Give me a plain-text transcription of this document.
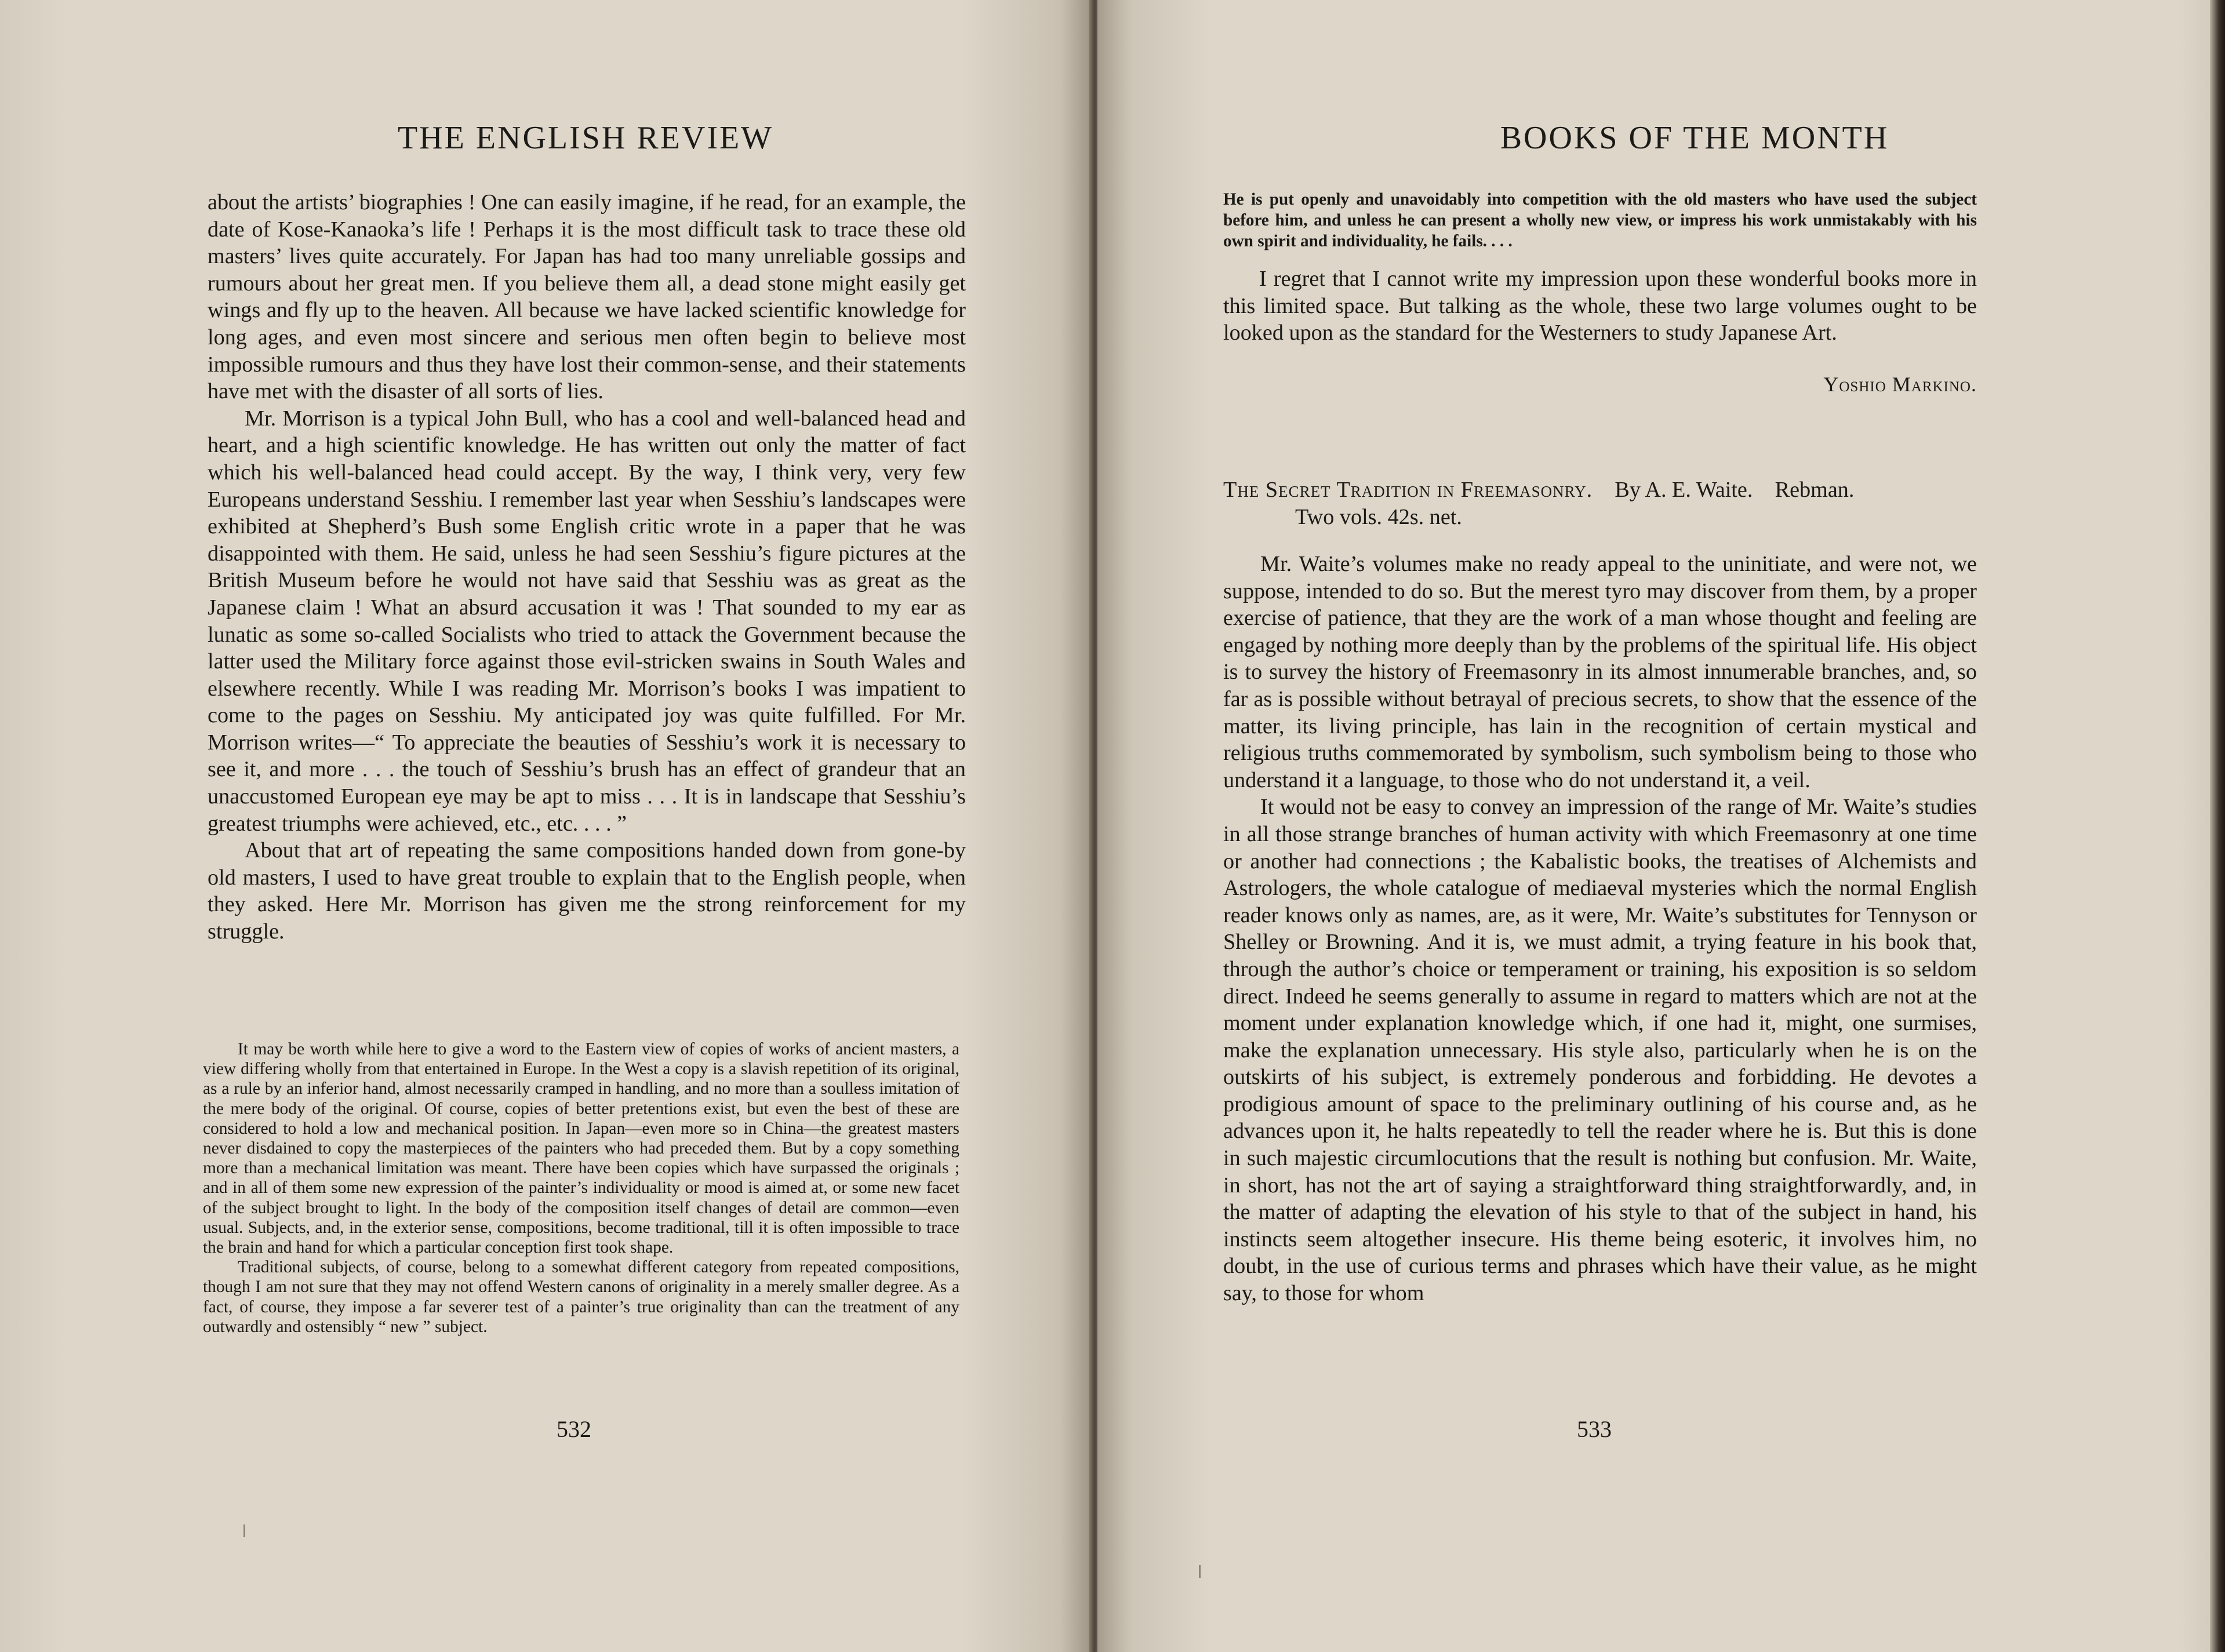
THE ENGLISH REVIEW

about the artists’ biographies ! One can easily imagine, if he read, for an example, the date of Kose-Kanaoka’s life ! Perhaps it is the most difficult task to trace these old masters’ lives quite accurately. For Japan has had too many unreliable gossips and rumours about her great men. If you believe them all, a dead stone might easily get wings and fly up to the heaven. All because we have lacked scientific knowledge for long ages, and even most sincere and serious men often begin to believe most impossible rumours and thus they have lost their common-sense, and their statements have met with the disaster of all sorts of lies.

Mr. Morrison is a typical John Bull, who has a cool and well-balanced head and heart, and a high scientific knowledge. He has written out only the matter of fact which his well-balanced head could accept. By the way, I think very, very few Europeans understand Sesshiu. I remember last year when Sesshiu’s landscapes were exhibited at Shepherd’s Bush some English critic wrote in a paper that he was disappointed with them. He said, unless he had seen Sesshiu’s figure pictures at the British Museum before he would not have said that Sesshiu was as great as the Japanese claim ! What an absurd accusation it was ! That sounded to my ear as lunatic as some so-called Socialists who tried to attack the Government because the latter used the Military force against those evil-stricken swains in South Wales and elsewhere recently. While I was reading Mr. Morrison’s books I was impatient to come to the pages on Sesshiu. My anticipated joy was quite fulfilled. For Mr. Morrison writes—“ To appreciate the beauties of Sesshiu’s work it is necessary to see it, and more . . . the touch of Sesshiu’s brush has an effect of grandeur that an unaccustomed European eye may be apt to miss . . . It is in landscape that Sesshiu’s greatest triumphs were achieved, etc., etc. . . . ”

About that art of repeating the same compositions handed down from gone-by old masters, I used to have great trouble to explain that to the English people, when they asked. Here Mr. Morrison has given me the strong reinforcement for my struggle.

It may be worth while here to give a word to the Eastern view of copies of works of ancient masters, a view differing wholly from that entertained in Europe. In the West a copy is a slavish repetition of its original, as a rule by an inferior hand, almost necessarily cramped in handling, and no more than a soulless imitation of the mere body of the original. Of course, copies of better pretentions exist, but even the best of these are considered to hold a low and mechanical position. In Japan—even more so in China—the greatest masters never disdained to copy the masterpieces of the painters who had preceded them. But by a copy something more than a mechanical limitation was meant. There have been copies which have surpassed the originals ; and in all of them some new expression of the painter’s individuality or mood is aimed at, or some new facet of the subject brought to light. In the body of the composition itself changes of detail are common—even usual. Subjects, and, in the exterior sense, compositions, become traditional, till it is often impossible to trace the brain and hand for which a particular conception first took shape.

Traditional subjects, of course, belong to a somewhat different category from repeated compositions, though I am not sure that they may not offend Western canons of originality in a merely smaller degree. As a fact, of course, they impose a far severer test of a painter’s true originality than can the treatment of any outwardly and ostensibly “ new ” subject.

532
BOOKS OF THE MONTH

He is put openly and unavoidably into competition with the old masters who have used the subject before him, and unless he can present a wholly new view, or impress his work unmistakably with his own spirit and individuality, he fails. . . .

I regret that I cannot write my impression upon these wonderful books more in this limited space. But talking as the whole, these two large volumes ought to be looked upon as the standard for the Westerners to study Japanese Art.

Yoshio Markino.
The Secret Tradition in Freemasonry. By A. E. Waite. Rebman.
Two vols. 42s. net.

Mr. Waite’s volumes make no ready appeal to the uninitiate, and were not, we suppose, intended to do so. But the merest tyro may discover from them, by a proper exercise of patience, that they are the work of a man whose thought and feeling are engaged by nothing more deeply than by the problems of the spiritual life. His object is to survey the history of Freemasonry in its almost innumerable branches, and, so far as is possible without betrayal of precious secrets, to show that the essence of the matter, its living principle, has lain in the recognition of certain mystical and religious truths commemorated by symbolism, such symbolism being to those who understand it a language, to those who do not understand it, a veil.

It would not be easy to convey an impression of the range of Mr. Waite’s studies in all those strange branches of human activity with which Freemasonry at one time or another had connections ; the Kabalistic books, the treatises of Alchemists and Astrologers, the whole catalogue of mediaeval mysteries which the normal English reader knows only as names, are, as it were, Mr. Waite’s substitutes for Tennyson or Shelley or Browning. And it is, we must admit, a trying feature in his book that, through the author’s choice or temperament or training, his exposition is so seldom direct. Indeed he seems generally to assume in regard to matters which are not at the moment under explanation knowledge which, if one had it, might, one surmises, make the explanation unnecessary. His style also, particularly when he is on the outskirts of his subject, is extremely ponderous and forbidding. He devotes a prodigious amount of space to the preliminary outlining of his course and, as he advances upon it, he halts repeatedly to tell the reader where he is. But this is done in such majestic circumlocutions that the result is nothing but confusion. Mr. Waite, in short, has not the art of saying a straightforward thing straightforwardly, and, in the matter of adapting the elevation of his style to that of the subject in hand, his instincts seem altogether insecure. His theme being esoteric, it involves him, no doubt, in the use of curious terms and phrases which have their value, as he might say, to those for whom

533
